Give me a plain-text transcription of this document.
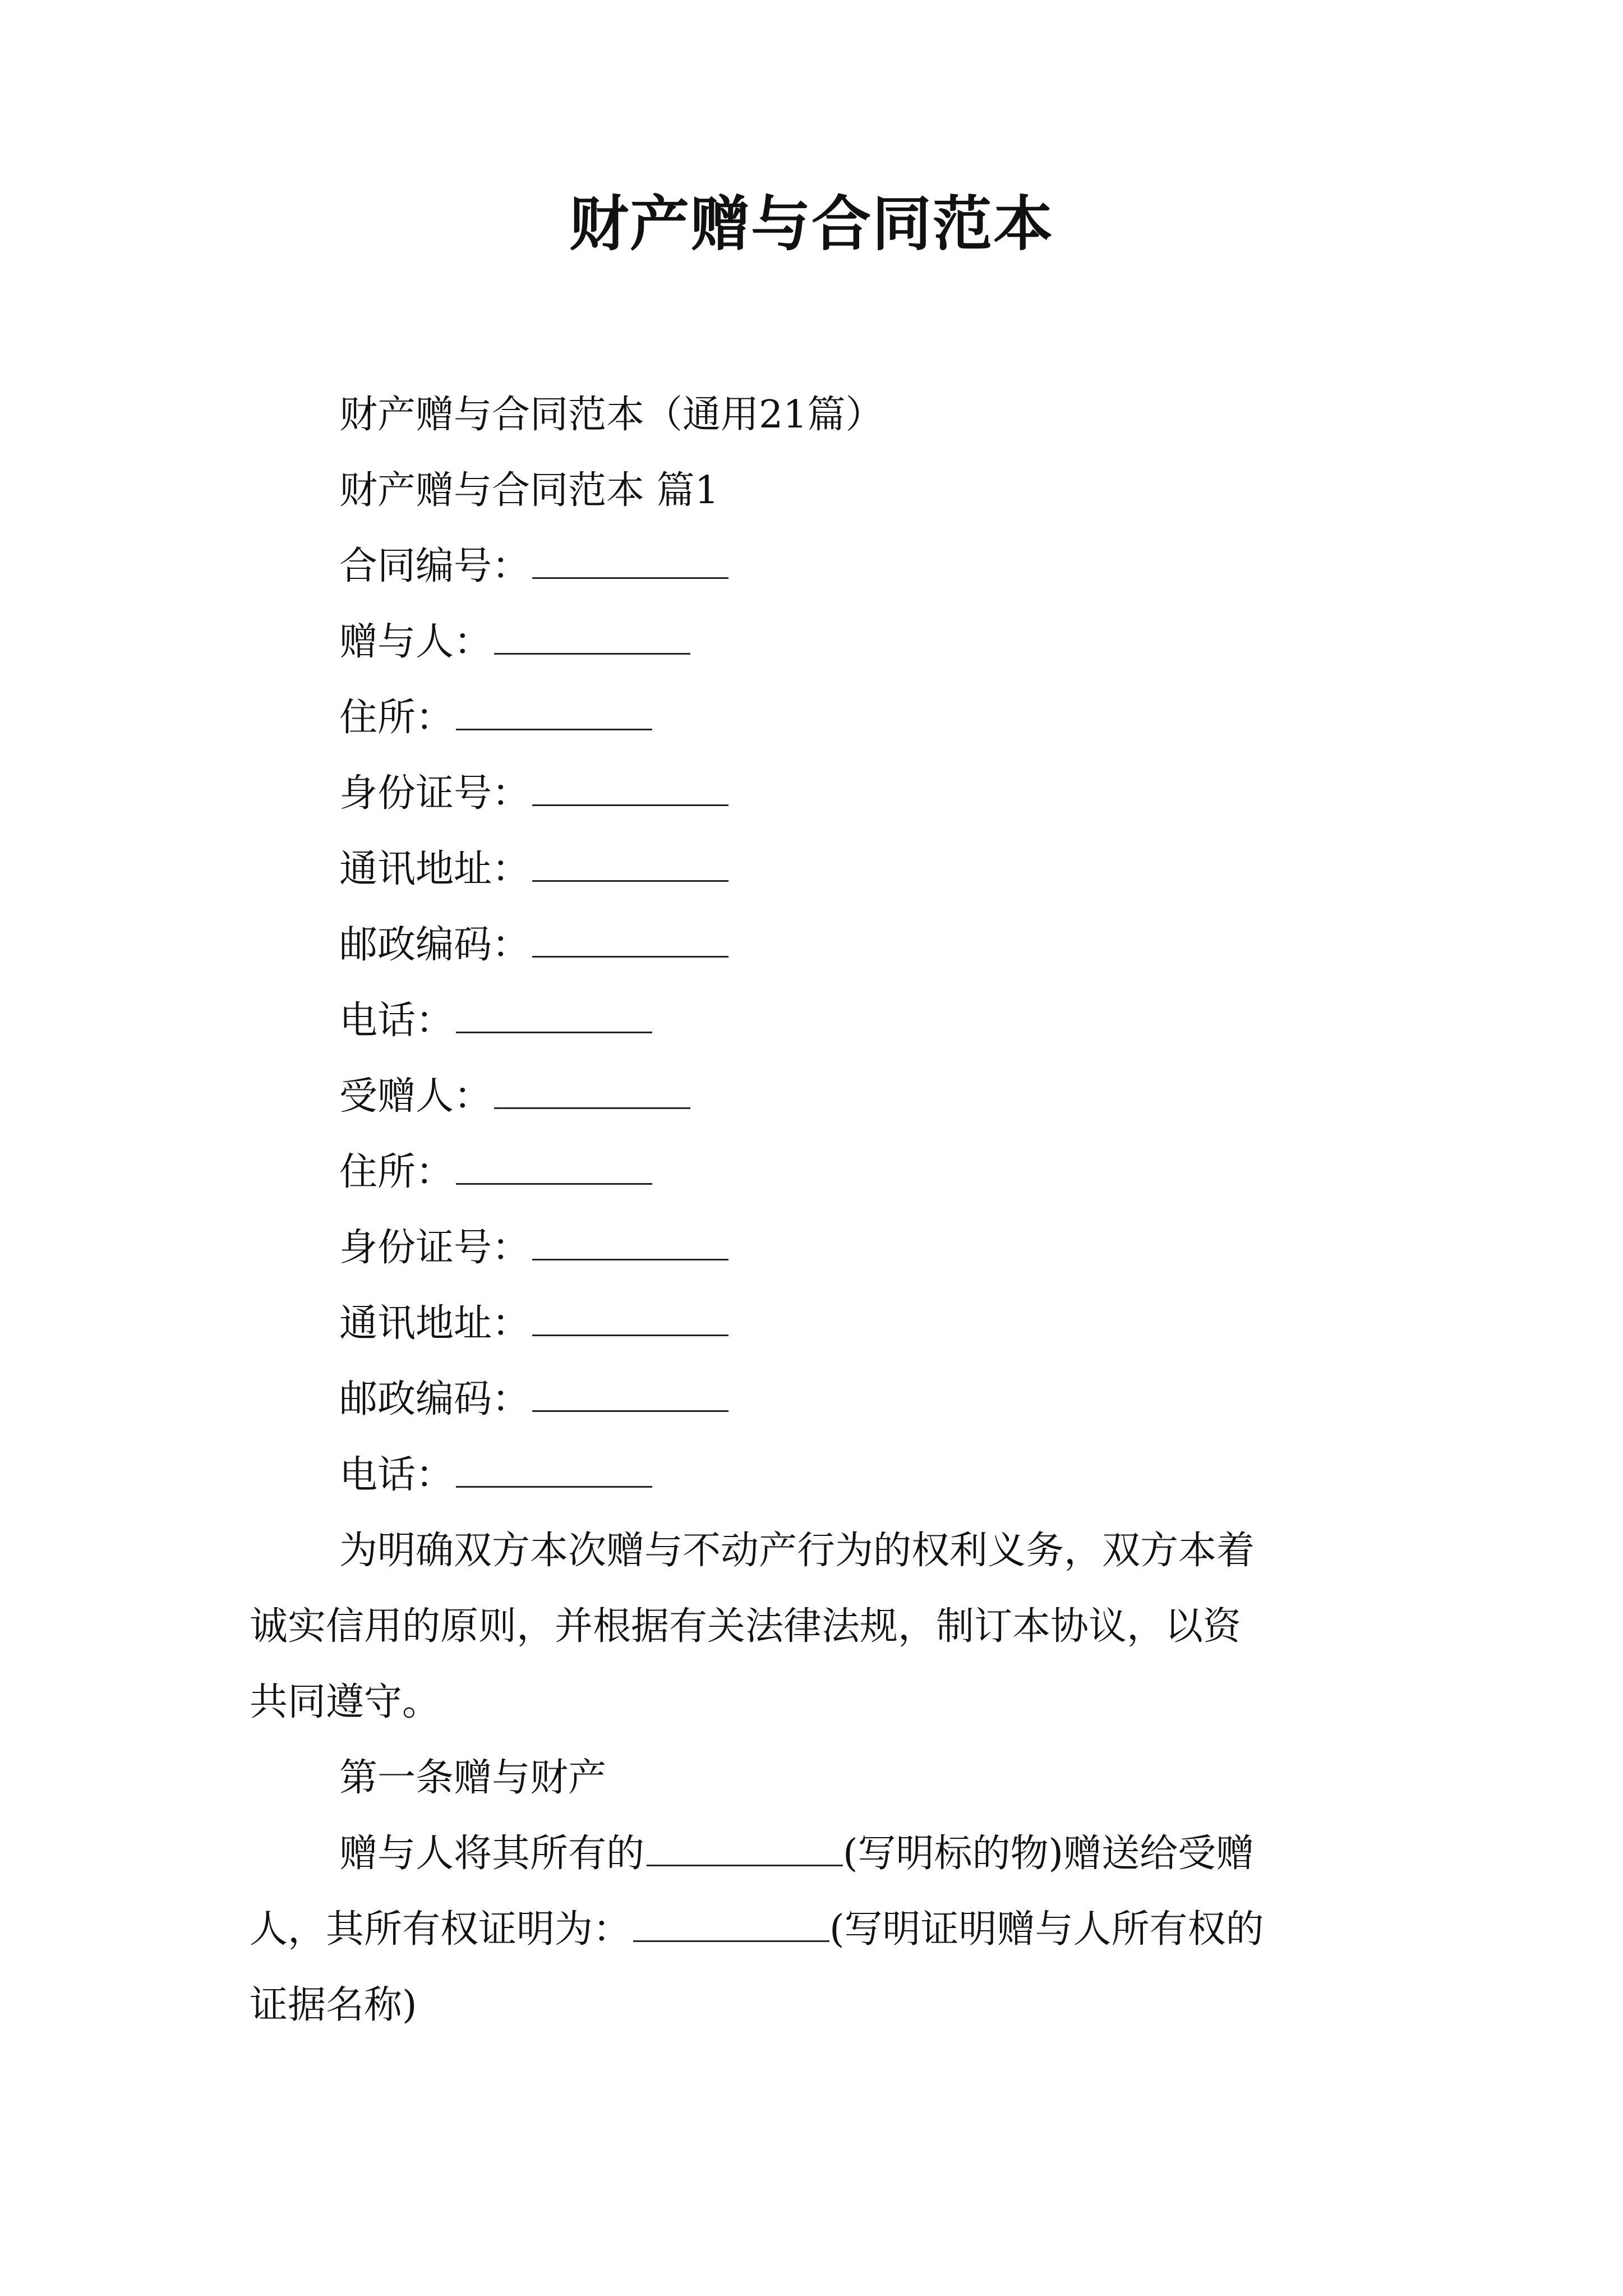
财产赠与合同范本
财产赠与合同范本（通用21篇）
财产赠与合同范本 篇1
合同编号：
赠与人：
住所：
身份证号：
通讯地址：
邮政编码：
电话：
受赠人：
住所：
身份证号：
通讯地址：
邮政编码：
电话：
为明确双方本次赠与不动产行为的权利义务，双方本着
诚实信用的原则，并根据有关法律法规，制订本协议，以资
共同遵守。
第一条赠与财产
赠与人将其所有的	(写明标的物)赠送给受赠
人，其所有权证明为：	(写明证明赠与人所有权的
证据名称)
